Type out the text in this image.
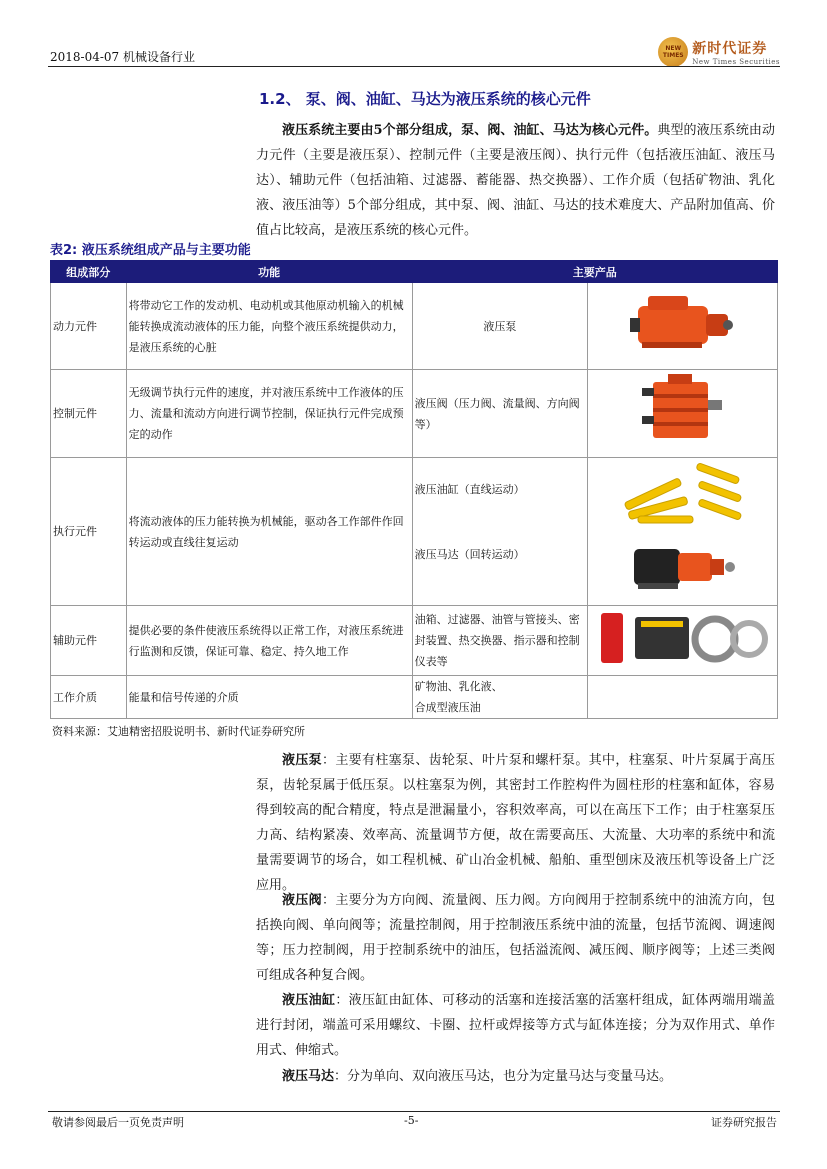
2018-04-07 机械设备行业
NEW TIMES 新时代证券
New Times Securities
1.2、 泵、阀、油缸、马达为液压系统的核心元件
液压系统主要由5个部分组成，泵、阀、油缸、马达为核心元件。典型的液压系统由动力元件（主要是液压泵）、控制元件（主要是液压阀）、执行元件（包括液压油缸、液压马达）、辅助元件（包括油箱、过滤器、蓄能器、热交换器）、工作介质（包括矿物油、乳化液、液压油等）5个部分组成，其中泵、阀、油缸、马达的技术难度大、产品附加值高、价值占比较高，是液压系统的核心元件。
表2: 液压系统组成产品与主要功能
组成部分	功能	主要产品	
动力元件	将带动它工作的发动机、电动机或其他原动机输入的机械能转换成流动液体的压力能，向整个液压系统提供动力，是液压系统的心脏	液压泵	
控制元件	无级调节执行元件的速度，并对液压系统中工作液体的压力、流量和流动方向进行调节控制，保证执行元件完成预定的动作	液压阀（压力阀、流量阀、方向阀等）	
执行元件	将流动液体的压力能转换为机械能，驱动各工作部件作回转运动或直线往复运动	液压油缸（直线运动）
液压马达（回转运动）

辅助元件	提供必要的条件使液压系统得以正常工作，对液压系统进行监测和反馈，保证可靠、稳定、持久地工作	油箱、过滤器、油管与管接头、密封装置、热交换器、指示器和控制仪表等	
工作介质	能量和信号传递的介质	矿物油、乳化液、
合成型液压油	

资料来源：艾迪精密招股说明书、新时代证券研究所
液压泵：主要有柱塞泵、齿轮泵、叶片泵和螺杆泵。其中，柱塞泵、叶片泵属于高压泵，齿轮泵属于低压泵。以柱塞泵为例，其密封工作腔构件为圆柱形的柱塞和缸体，容易得到较高的配合精度，特点是泄漏量小，容积效率高，可以在高压下工作；由于柱塞泵压力高、结构紧凑、效率高、流量调节方便，故在需要高压、大流量、大功率的系统中和流量需要调节的场合，如工程机械、矿山冶金机械、船舶、重型刨床及液压机等设备上广泛应用。
液压阀：主要分为方向阀、流量阀、压力阀。方向阀用于控制系统中的油流方向，包括换向阀、单向阀等；流量控制阀，用于控制液压系统中油的流量，包括节流阀、调速阀等；压力控制阀，用于控制系统中的油压，包括溢流阀、减压阀、顺序阀等；上述三类阀可组成各种复合阀。
液压油缸：液压缸由缸体、可移动的活塞和连接活塞的活塞杆组成，缸体两端用端盖进行封闭，端盖可采用螺纹、卡圈、拉杆或焊接等方式与缸体连接；分为双作用式、单作用式、伸缩式。
液压马达：分为单向、双向液压马达，也分为定量马达与变量马达。
敬请参阅最后一页免责声明	-5-	证券研究报告
